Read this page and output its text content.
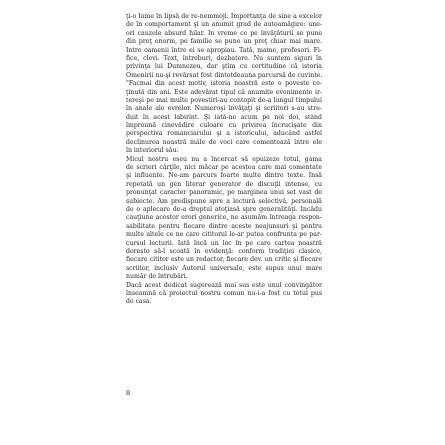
ţi-o lume în lipsă de re-nemmoji. Importanţa de sine a excelor
de în comportament şi un anumit grad de autoamăgire: une-
ori cauzele absurd hilar. În vreme ce pe învăţăturii se pune
din preţ enorm, pe familie se pune un preţ chiar mai mare.
Între oamenii între ei se apropiau. Tată, mame, profesori. Fi-
fice, clevi. Text, întreburi, dezbatere. Nu suntem siguri în
privinţa lui Dumnezeu, dar ştim cu certitudine că istoria
Omenirii nu-şi revărsat fost dintotdeauna parcursă de cuvinte.
"Facmai din acest motiv, istoria noastră este o poveste ce-
ţinută din ani. Este adevărat tipul că anumite evenimente ir-
tereşi pe mai multe povestiri-au contopit de-a lungul timpului
în anale ale evrelor. Numeroşi învăţaţi şi scriitori s-au stre-
duit în acest labirint. Şi iată-ne acum pe noi doi, stând
împreună cinevădire culoare cu privirea încrucişate din
perspectiva romanciarului şi a istoricului, aducând astfel
declinurea noastră mâle de voci care comentează între ele
în interiorul său.
Micul nostru eseu nu a încercat să epuizeze totul, gama
de scrieri cărţile, nici măcar pe acestea care mai comentate
şi influente. Ne-am parcurs foarte multe dintre texte. Însă
repetată un gen literar generator de discuţii intense, cu
pronunţat caracter panoramic, pe marginea unui set vast de
subiecte. Am predispune spre a lectură selectivă, personală
de o aplecare de-a dreptul atoţiasă spre generalităţi. Încădu
cauţiune acestor erori generice, ne asumăm întreaga respon-
sabilitate pentru fiecare dintre aceste neajunsuri şi pentru
multe altele ce ne care cititorul le-ar putea confrunta pe par-
cursul lecturii. Iată încă un loc în pe care cartea noastră
dorește să-l scoată în evidenţă: conform tradiţiei clasice,
fiecare cititor este un redactor, fiecare dev. un critic şi fiecare
scriitor, inclusiv Autorul universale, este supus unui mare
număr de întrebări.
Dacă acest dedicat sugerează mai sus este unul convingător
înseamnă că proiectul nostru comun nu-i-a fost cu totul pus
de casa.
8
